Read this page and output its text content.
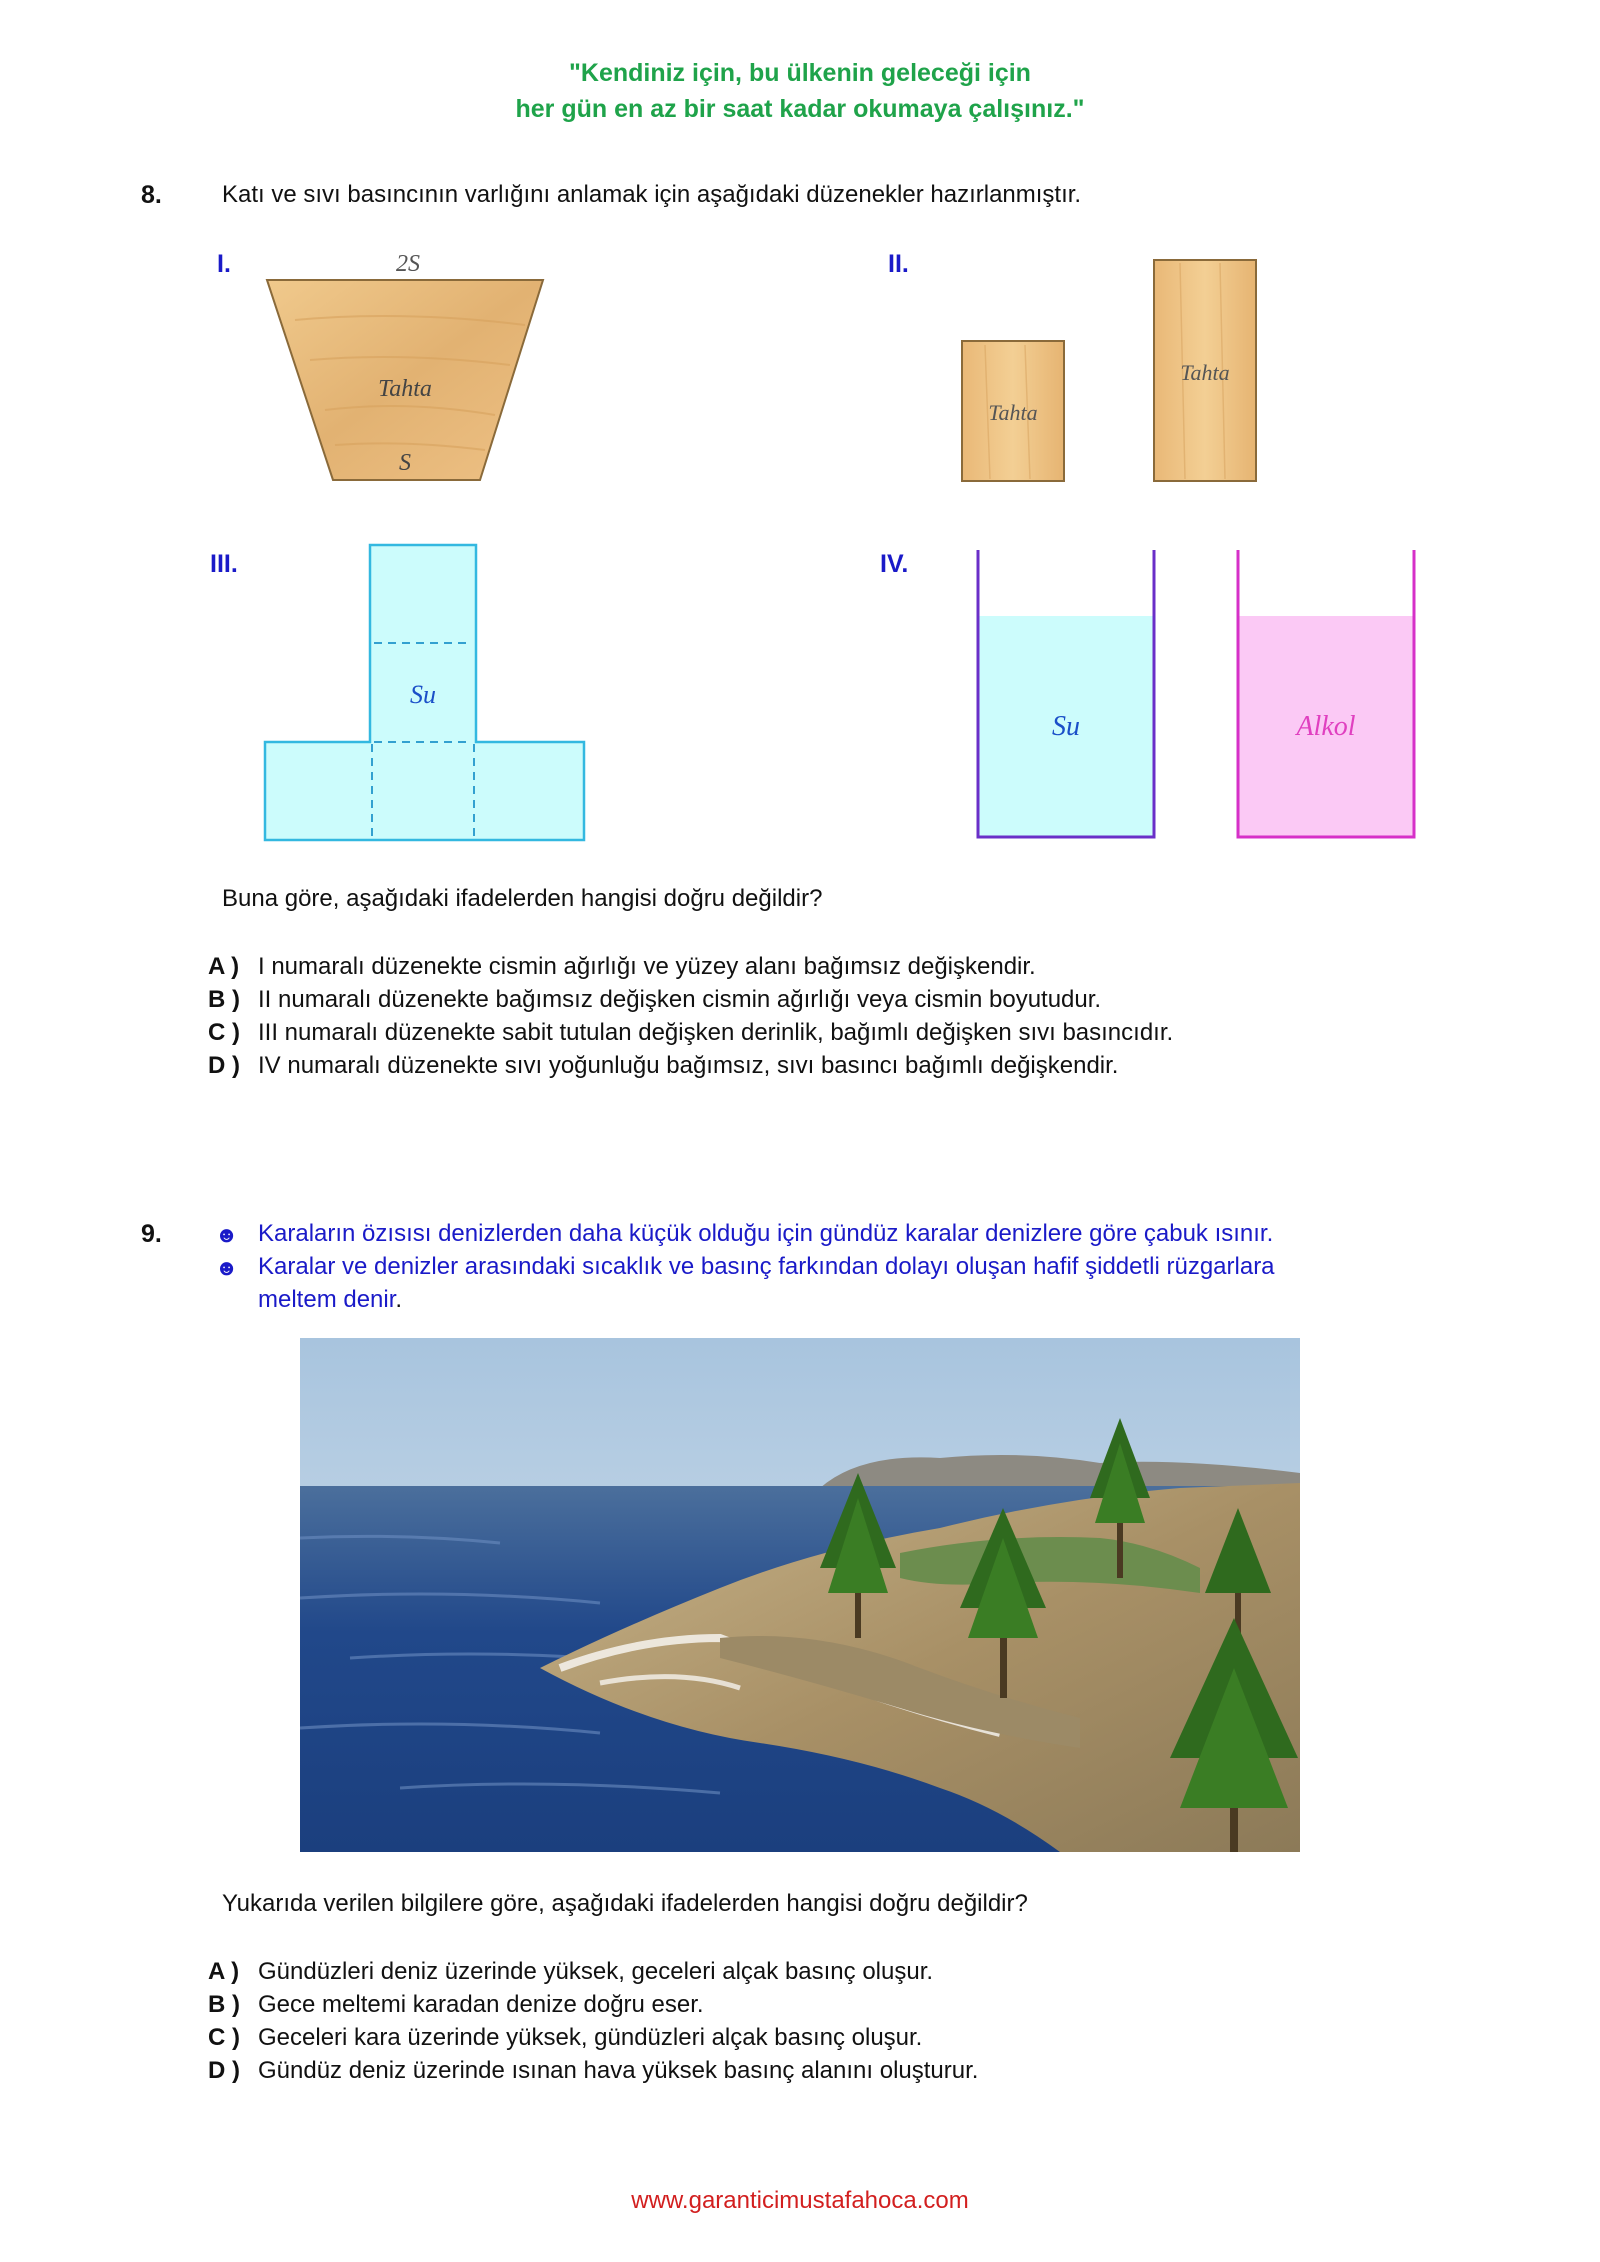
"Kendiniz için, bu ülkenin geleceği için
her gün en az bir saat kadar okumaya çalışınız."
8.	Katı ve sıvı basıncının varlığını anlamak için aşağıdaki düzenekler hazırlanmıştır.
I.	II.
III.	IV.
2S
Tahta
S
Tahta
Tahta
Su
Su	Alkol
Buna göre, aşağıdaki ifadelerden hangisi doğru değildir?
A ) I numaralı düzenekte cismin ağırlığı ve yüzey alanı bağımsız değişkendir.
B ) II numaralı düzenekte bağımsız değişken cismin ağırlığı veya cismin boyutudur.
C ) III numaralı düzenekte sabit tutulan değişken derinlik, bağımlı değişken sıvı basıncıdır.
D ) IV numaralı düzenekte sıvı yoğunluğu bağımsız, sıvı basıncı bağımlı değişkendir.
9. ☻ Karaların özısısı denizlerden daha küçük olduğu için gündüz karalar denizlere göre çabuk ısınır.
☻ Karalar ve denizler arasındaki sıcaklık ve basınç farkından dolayı oluşan hafif şiddetli rüzgarlara
meltem denir.
Yukarıda verilen bilgilere göre, aşağıdaki ifadelerden hangisi doğru değildir?
A ) Gündüzleri deniz üzerinde yüksek, geceleri alçak basınç oluşur.
B ) Gece meltemi karadan denize doğru eser.
C ) Geceleri kara üzerinde yüksek, gündüzleri alçak basınç oluşur.
D ) Gündüz deniz üzerinde ısınan hava yüksek basınç alanını oluşturur.
www.garanticimustafahoca.com
